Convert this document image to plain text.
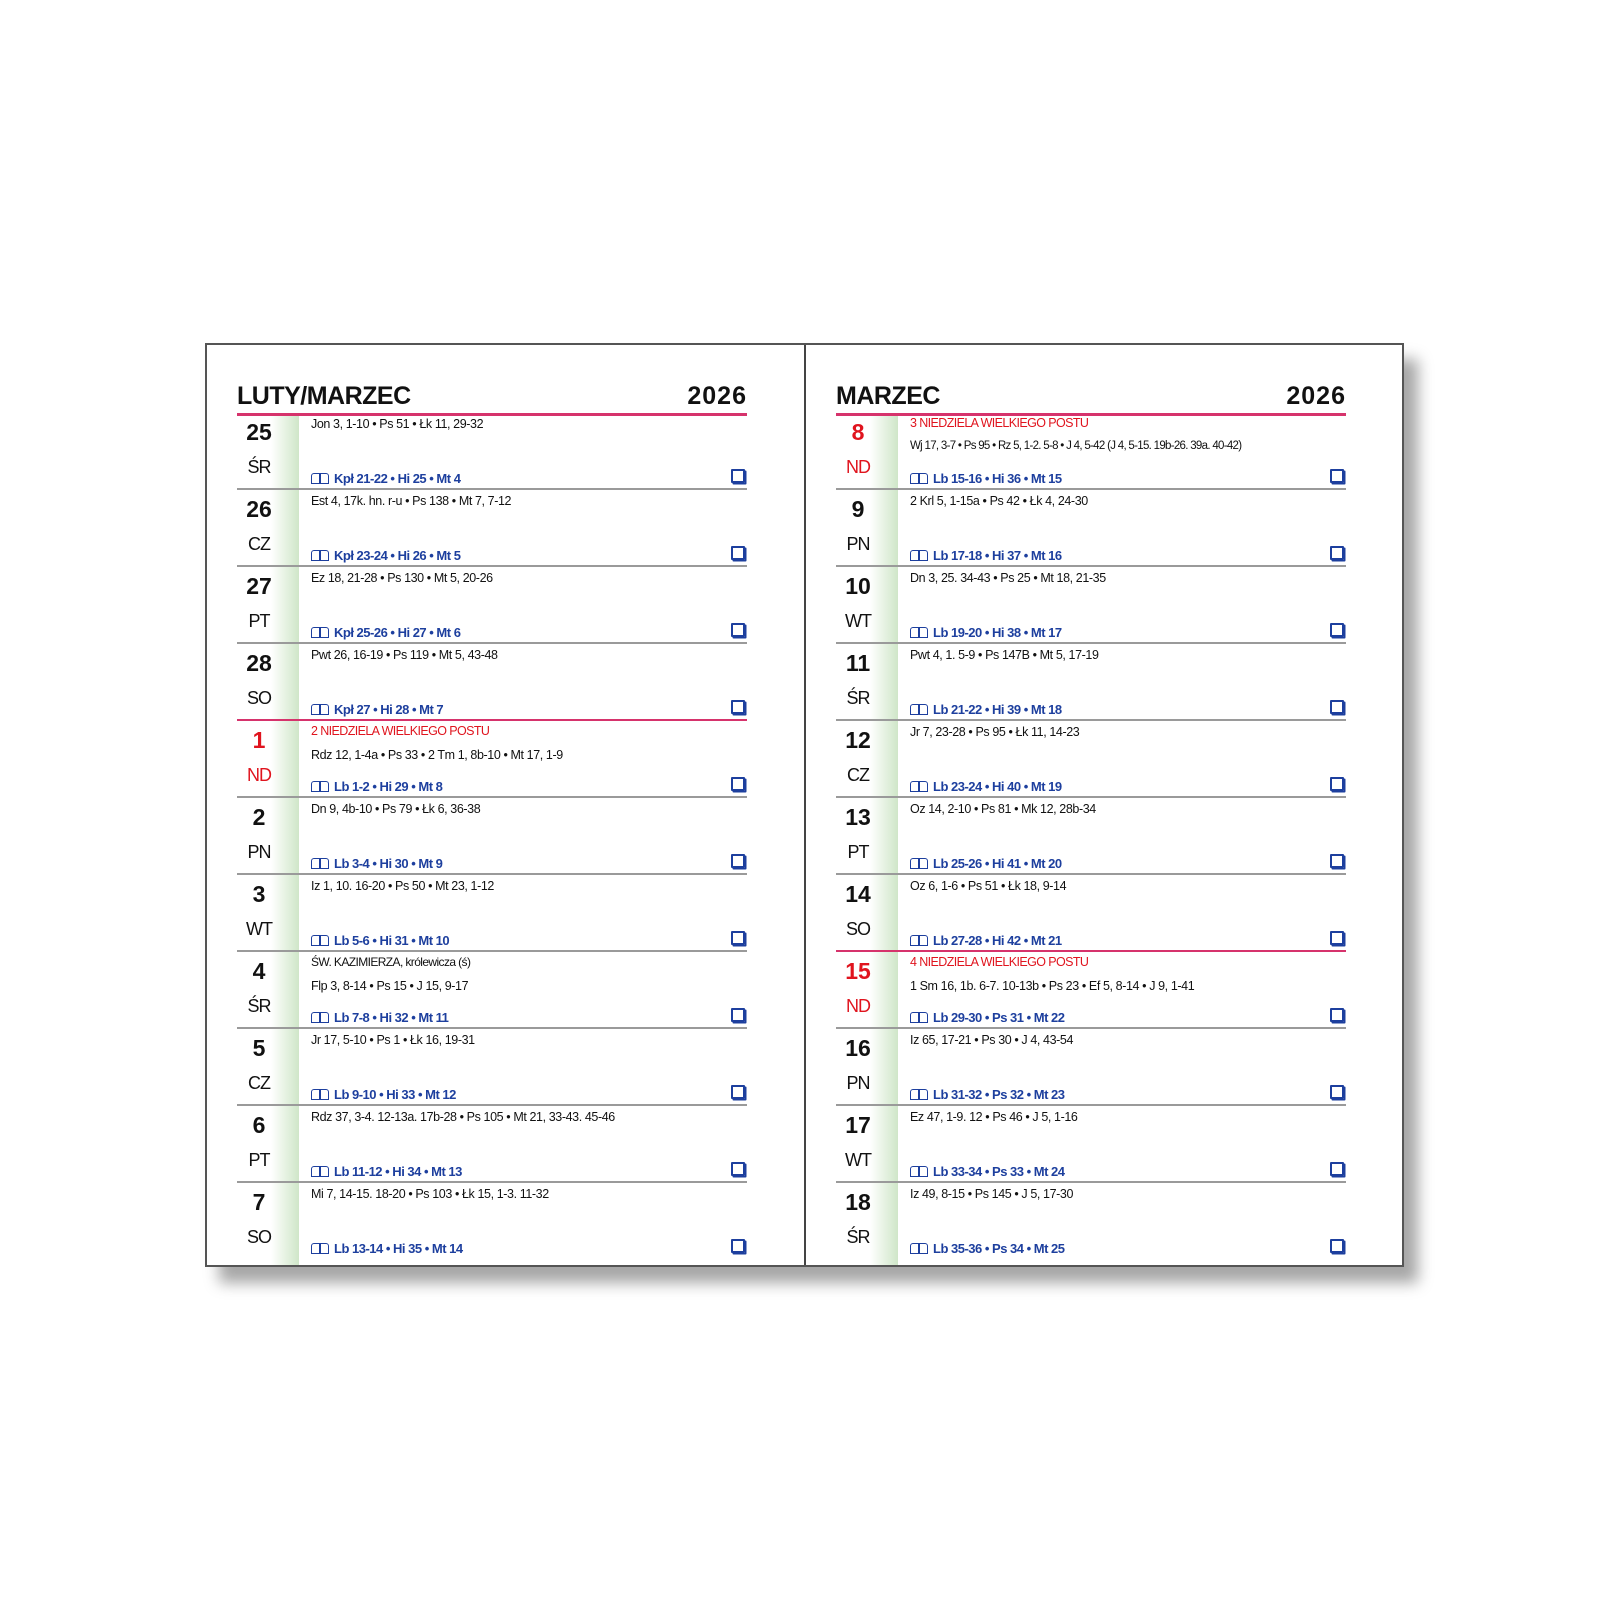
LUTY/MARZEC	2026
25
ŚR
Jon 3, 1-10 • Ps 51 • Łk 11, 29-32
Kpł 21-22 • Hi 25 • Mt 4
26
CZ
Est 4, 17k. hn. r-u • Ps 138 • Mt 7, 7-12
Kpł 23-24 • Hi 26 • Mt 5
27
PT
Ez 18, 21-28 • Ps 130 • Mt 5, 20-26
Kpł 25-26 • Hi 27 • Mt 6
28
SO
Pwt 26, 16-19 • Ps 119 • Mt 5, 43-48
Kpł 27 • Hi 28 • Mt 7
1
ND
2 NIEDZIELA WIELKIEGO POSTU
Rdz 12, 1-4a • Ps 33 • 2 Tm 1, 8b-10 • Mt 17, 1-9
Lb 1-2 • Hi 29 • Mt 8
2
PN
Dn 9, 4b-10 • Ps 79 • Łk 6, 36-38
Lb 3-4 • Hi 30 • Mt 9
3
WT
Iz 1, 10. 16-20 • Ps 50 • Mt 23, 1-12
Lb 5-6 • Hi 31 • Mt 10
4
ŚR
ŚW. KAZIMIERZA, królewicza (ś)
Flp 3, 8-14 • Ps 15 • J 15, 9-17
Lb 7-8 • Hi 32 • Mt 11
5
CZ
Jr 17, 5-10 • Ps 1 • Łk 16, 19-31
Lb 9-10 • Hi 33 • Mt 12
6
PT
Rdz 37, 3-4. 12-13a. 17b-28 • Ps 105 • Mt 21, 33-43. 45-46
Lb 11-12 • Hi 34 • Mt 13
7
SO
Mi 7, 14-15. 18-20 • Ps 103 • Łk 15, 1-3. 11-32
Lb 13-14 • Hi 35 • Mt 14
MARZEC	2026
8
ND
3 NIEDZIELA WIELKIEGO POSTU
Wj 17, 3-7 • Ps 95 • Rz 5, 1-2. 5-8 • J 4, 5-42 (J 4, 5-15. 19b-26. 39a. 40-42)
Lb 15-16 • Hi 36 • Mt 15
9
PN
2 Krl 5, 1-15a • Ps 42 • Łk 4, 24-30
Lb 17-18 • Hi 37 • Mt 16
10
WT
Dn 3, 25. 34-43 • Ps 25 • Mt 18, 21-35
Lb 19-20 • Hi 38 • Mt 17
11
ŚR
Pwt 4, 1. 5-9 • Ps 147B • Mt 5, 17-19
Lb 21-22 • Hi 39 • Mt 18
12
CZ
Jr 7, 23-28 • Ps 95 • Łk 11, 14-23
Lb 23-24 • Hi 40 • Mt 19
13
PT
Oz 14, 2-10 • Ps 81 • Mk 12, 28b-34
Lb 25-26 • Hi 41 • Mt 20
14
SO
Oz 6, 1-6 • Ps 51 • Łk 18, 9-14
Lb 27-28 • Hi 42 • Mt 21
15
ND
4 NIEDZIELA WIELKIEGO POSTU
1 Sm 16, 1b. 6-7. 10-13b • Ps 23 • Ef 5, 8-14 • J 9, 1-41
Lb 29-30 • Ps 31 • Mt 22
16
PN
Iz 65, 17-21 • Ps 30 • J 4, 43-54
Lb 31-32 • Ps 32 • Mt 23
17
WT
Ez 47, 1-9. 12 • Ps 46 • J 5, 1-16
Lb 33-34 • Ps 33 • Mt 24
18
ŚR
Iz 49, 8-15 • Ps 145 • J 5, 17-30
Lb 35-36 • Ps 34 • Mt 25
